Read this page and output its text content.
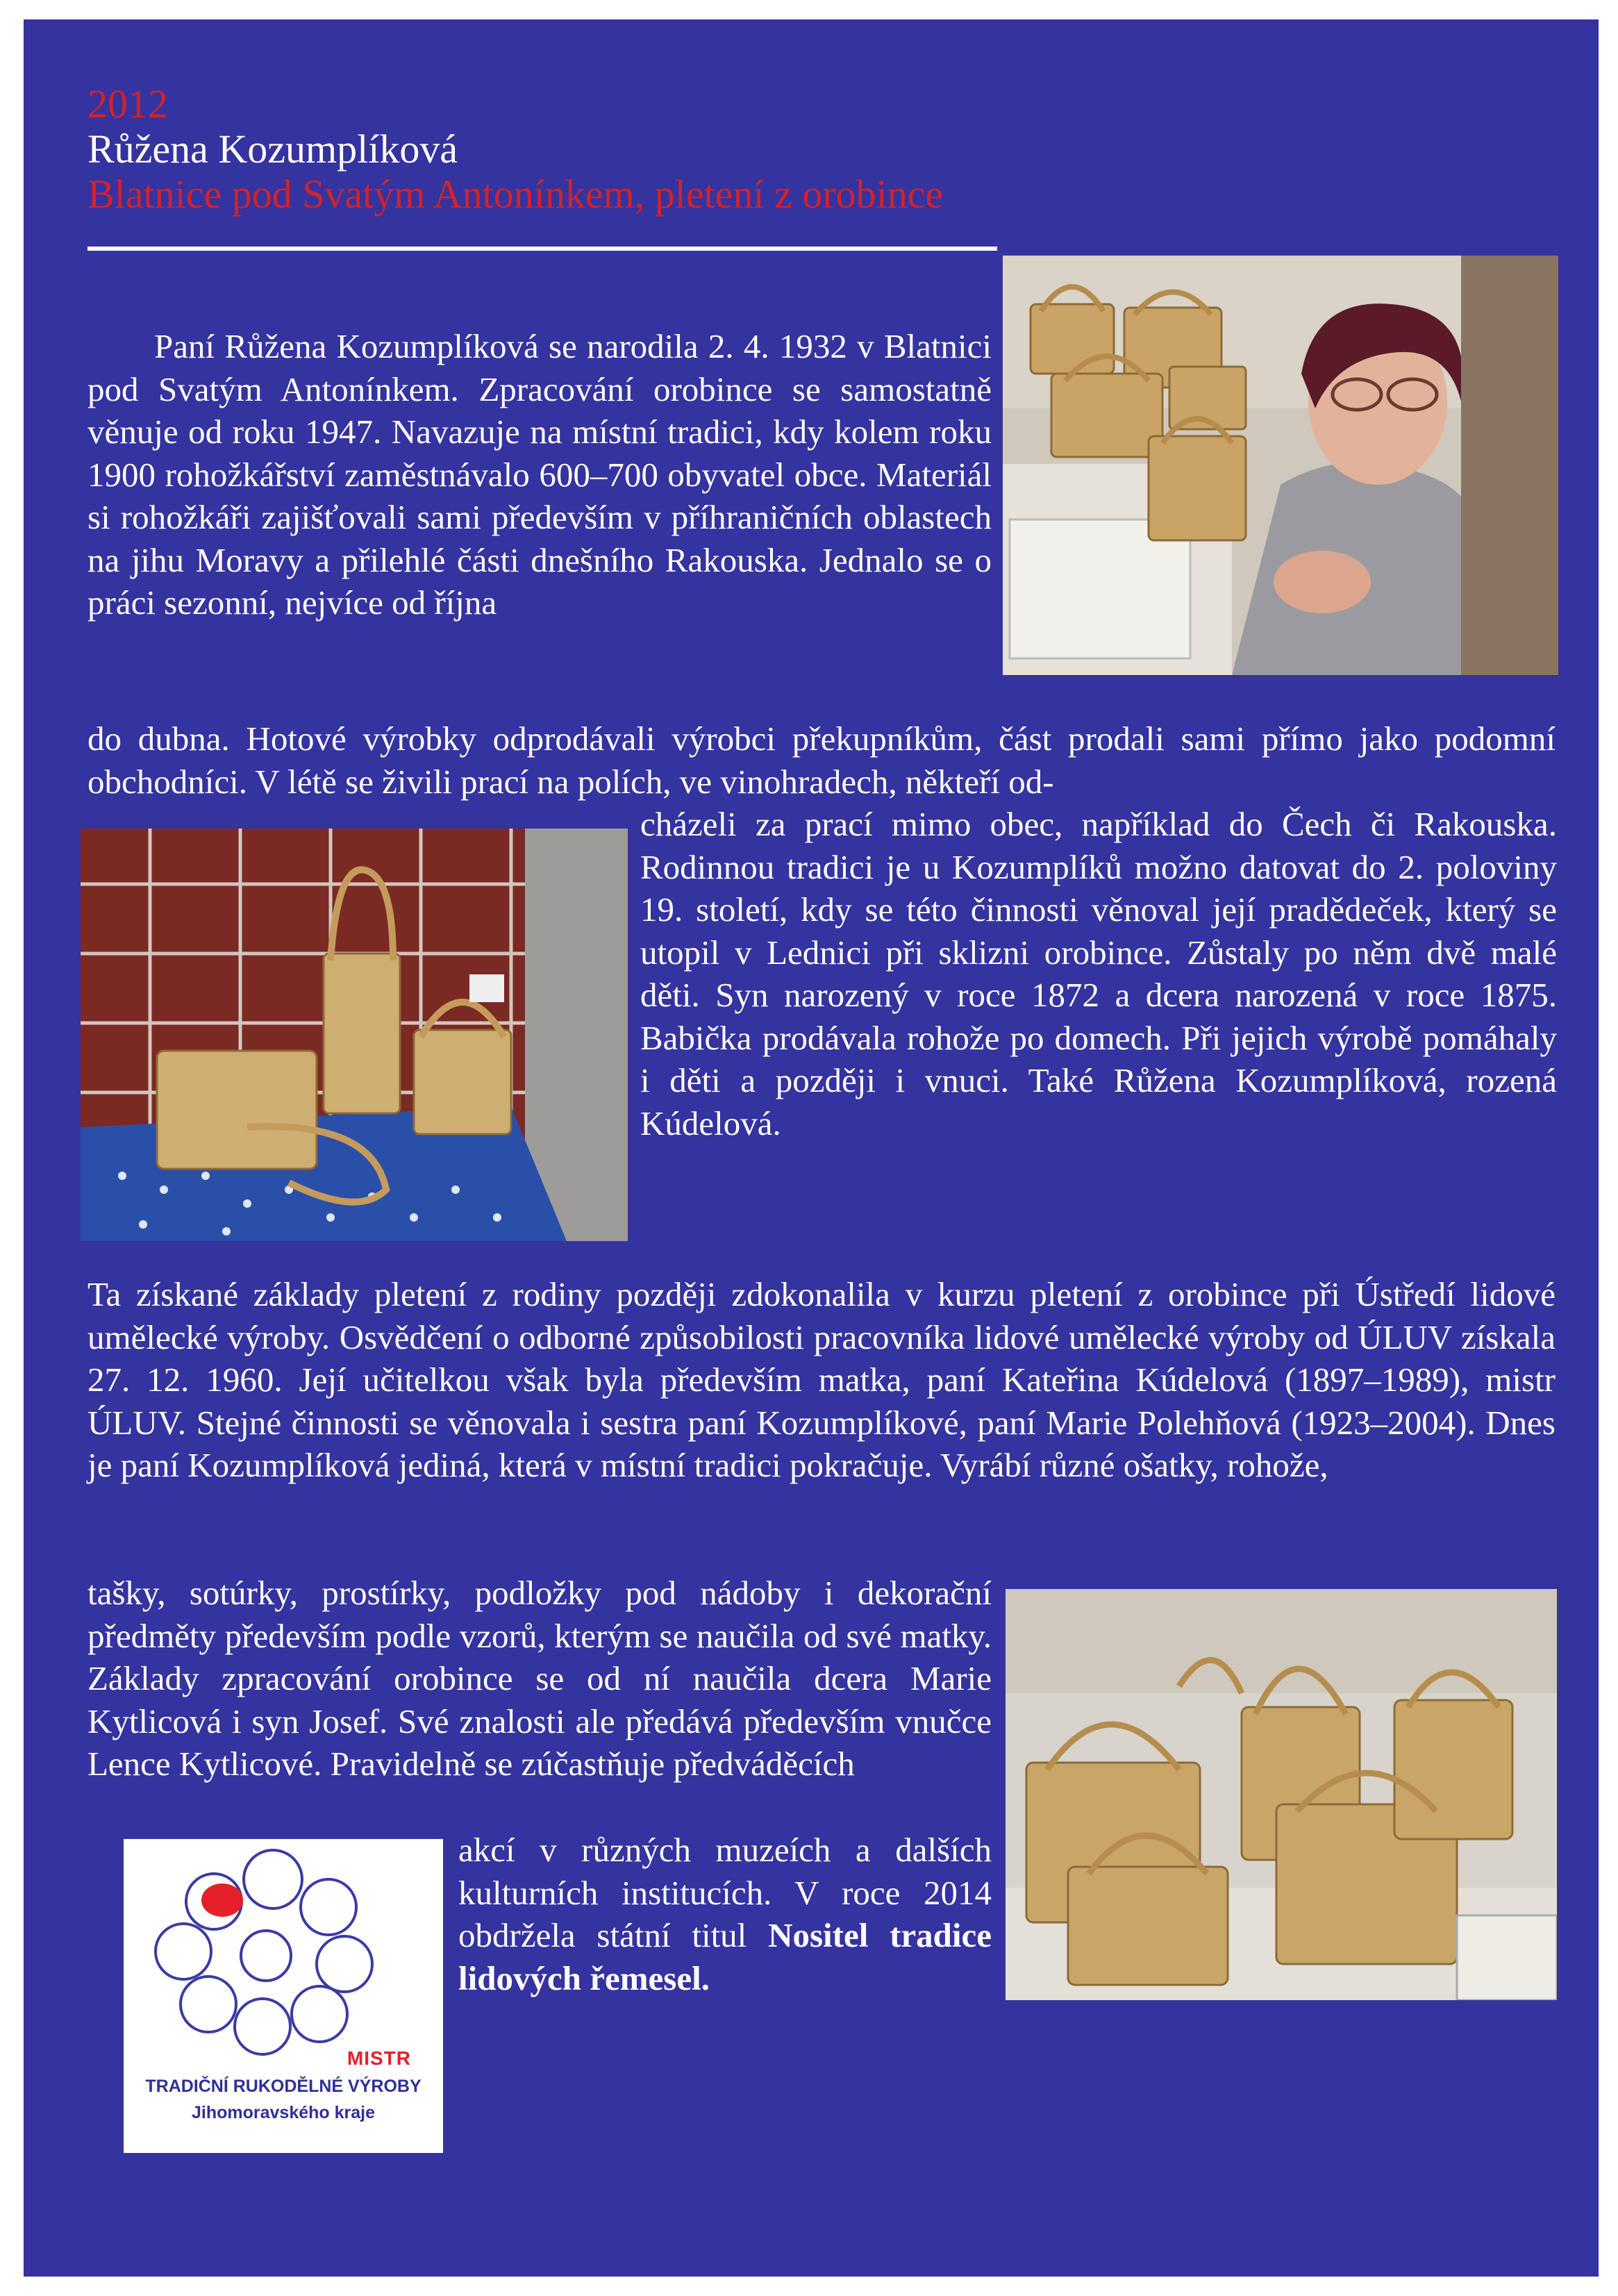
2012
Růžena Kozumplíková
Blatnice pod Svatým Antonínkem, pletení z orobince
MISTR
TRADIČNÍ RUKODĚLNÉ VÝROBY
Jihomoravského kraje

Paní Růžena Kozumplíková se narodila 2. 4. 1932 v Blatnici pod Svatým Antonínkem. Zpracování orobince se samostatně věnuje od roku 1947. Navazuje na místní tradici, kdy kolem roku 1900 rohožkářství zaměstnávalo 600–700 obyvatel obce. Materiál si rohožkáři zajišťovali sami především v příhraničních oblastech na jihu Moravy a přilehlé části dnešního Rakouska. Jednalo se o práci sezonní, nejvíce od října

do dubna. Hotové výrobky odprodávali výrobci překupníkům, část prodali sami přímo jako podomní obchodníci. V létě se živili prací na polích, ve vinohradech, někteří od-

cházeli za prací mimo obec, například do Čech či Rakouska. Rodinnou tradici je u Kozumplíků možno datovat do 2. poloviny 19. století, kdy se této činnosti věnoval její pradědeček, který se utopil v Lednici při sklizni orobince. Zůstaly po něm dvě malé děti. Syn narozený v roce 1872 a dcera narozená v roce 1875. Babička prodávala rohože po domech. Při jejich výrobě pomáhaly i děti a později i vnuci. Také Růžena Kozumplíková, rozená Kúdelová.

Ta získané základy pletení z rodiny později zdokonalila v kurzu pletení z orobince při Ústředí lidové umělecké výroby. Osvědčení o odborné způsobilosti pracovníka lidové umělecké výroby od ÚLUV získala 27. 12. 1960. Její učitelkou však byla především matka, paní Kateřina Kúdelová (1897–1989), mistr ÚLUV. Stejné činnosti se věnovala i sestra paní Kozumplíkové, paní Marie Polehňová (1923–2004). Dnes je paní Kozumplíková jediná, která v místní tradici pokračuje. Vyrábí různé ošatky, rohože,

tašky, sotúrky, prostírky, podložky pod nádoby i dekorační předměty především podle vzorů, kterým se naučila od své matky. Základy zpracování orobince se od ní naučila dcera Marie Kytlicová i syn Josef. Své znalosti ale předává především vnučce Lence Kytlicové. Pravidelně se zúčastňuje předváděcích

akcí v různých muzeích a dalších kulturních institucích. V roce 2014 obdržela státní titul Nositel tradice lidových řemesel.
